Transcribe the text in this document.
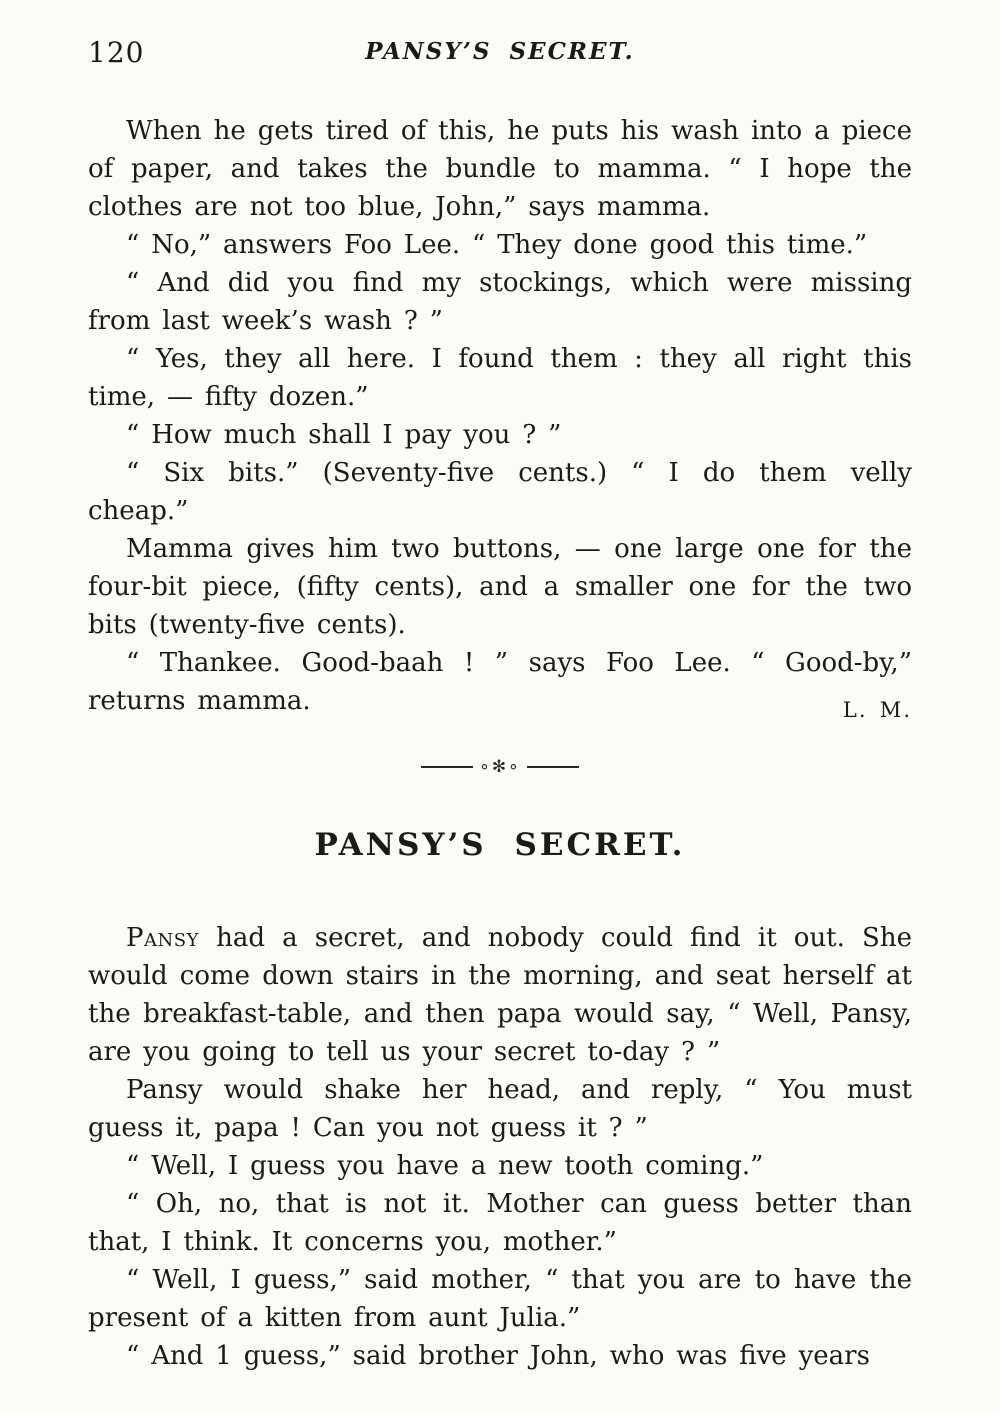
120	PANSY’S SECRET.

When he gets tired of this, he puts his wash into a piece of paper, and takes the bundle to mamma. “ I hope the clothes are not too blue, John,” says mamma.

“ No,” answers Foo Lee. “ They done good this time.”

“ And did you find my stockings, which were missing from last week’s wash ? ”

“ Yes, they all here. I found them : they all right this time, — fifty dozen.”

“ How much shall I pay you ? ”

“ Six bits.” (Seventy-five cents.) “ I do them velly cheap.”

Mamma gives him two buttons, — one large one for the four-bit piece, (fifty cents), and a smaller one for the two bits (twenty-five cents).

“ Thankee. Good-baah ! ” says Foo Lee. “ Good-by,” returns mamma.	L. M.

∘✻∘
PANSY’S SECRET.

Pansy had a secret, and nobody could find it out. She would come down stairs in the morning, and seat herself at the breakfast-table, and then papa would say, “ Well, Pansy, are you going to tell us your secret to-day ? ”

Pansy would shake her head, and reply, “ You must guess it, papa ! Can you not guess it ? ”

“ Well, I guess you have a new tooth coming.”

“ Oh, no, that is not it. Mother can guess better than that, I think. It concerns you, mother.”

“ Well, I guess,” said mother, “ that you are to have the present of a kitten from aunt Julia.”

“ And 1 guess,” said brother John, who was five years
